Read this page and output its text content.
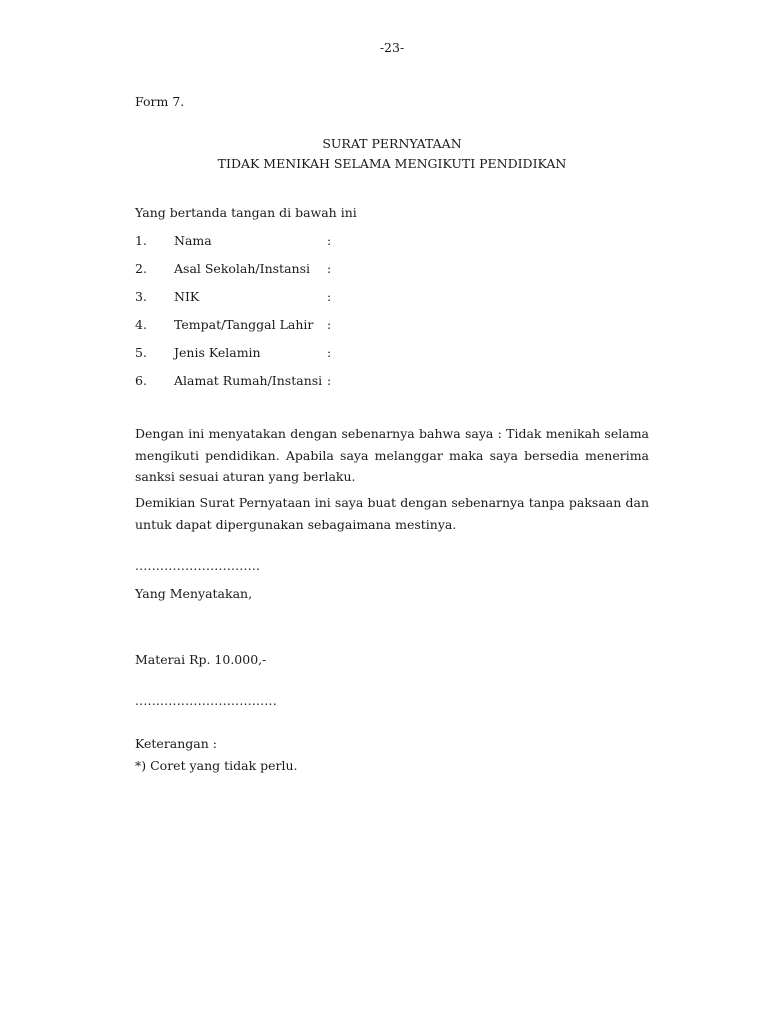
-23-
Form 7.
SURAT PERNYATAAN
TIDAK MENIKAH SELAMA MENGIKUTI PENDIDIKAN
Yang bertanda tangan di bawah ini
1. Nama	:
2. Asal Sekolah/Instansi :
3. NIK	:
4. Tempat/Tanggal Lahir :
5. Jenis Kelamin	:
6. Alamat Rumah/Instansi :
Dengan ini menyatakan dengan sebenarnya bahwa saya : Tidak menikah selama mengikuti pendidikan. Apabila saya melanggar maka saya bersedia menerima sanksi sesuai aturan yang berlaku.
Demikian Surat Pernyataan ini saya buat dengan sebenarnya tanpa paksaan dan untuk dapat dipergunakan sebagaimana mestinya.
..............................
Yang Menyatakan,
Materai Rp. 10.000,-
..................................
Keterangan :
*) Coret yang tidak perlu.
